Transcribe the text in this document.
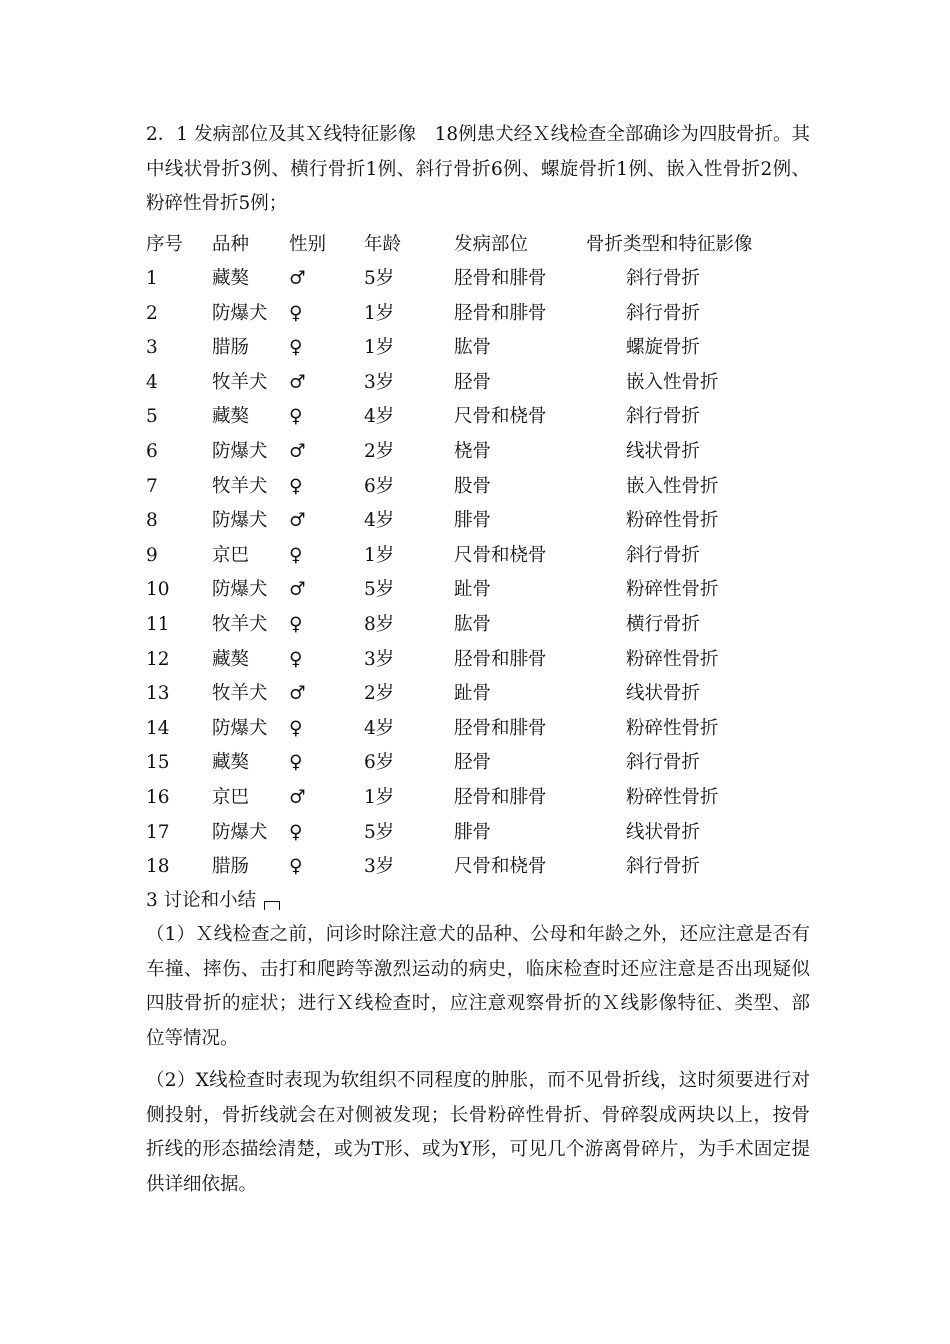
2．1 发病部位及其Ｘ线特征影像　18例患犬经Ｘ线检查全部确诊为四肢骨折。其中线状骨折3例、横行骨折1例、斜行骨折6例、螺旋骨折1例、嵌入性骨折2例、粉碎性骨折5例；

序号 品种 性别 年龄	发病部位	骨折类型和特征影像
1	藏獒 ♂	5岁	胫骨和腓骨	斜行骨折
2	防爆犬 ♀	1岁	胫骨和腓骨	斜行骨折
3	腊肠 ♀	1岁	肱骨	螺旋骨折
4	牧羊犬 ♂	3岁	胫骨	嵌入性骨折
5	藏獒 ♀	4岁	尺骨和桡骨	斜行骨折
6	防爆犬 ♂	2岁	桡骨	线状骨折
7	牧羊犬 ♀	6岁	股骨	嵌入性骨折
8	防爆犬 ♂	4岁	腓骨	粉碎性骨折
9	京巴 ♀	1岁	尺骨和桡骨	斜行骨折
10 防爆犬 ♂	5岁	趾骨	粉碎性骨折
11 牧羊犬 ♀	8岁	肱骨	横行骨折
12 藏獒 ♀	3岁	胫骨和腓骨	粉碎性骨折
13 牧羊犬 ♂	2岁	趾骨	线状骨折
14 防爆犬 ♀	4岁	胫骨和腓骨	粉碎性骨折
15 藏獒 ♀	6岁	胫骨	斜行骨折
16 京巴 ♂	1岁	胫骨和腓骨	粉碎性骨折
17 防爆犬 ♀	5岁	腓骨	线状骨折
18 腊肠 ♀	3岁	尺骨和桡骨	斜行骨折
3 讨论和小结

（1）Ｘ线检查之前，问诊时除注意犬的品种、公母和年龄之外，还应注意是否有车撞、摔伤、击打和爬跨等激烈运动的病史，临床检查时还应注意是否出现疑似四肢骨折的症状；进行Ｘ线检查时，应注意观察骨折的Ｘ线影像特征、类型、部位等情况。

（2）X线检查时表现为软组织不同程度的肿胀，而不见骨折线，这时须要进行对侧投射，骨折线就会在对侧被发现；长骨粉碎性骨折、骨碎裂成两块以上，按骨折线的形态描绘清楚，或为T形、或为Y形，可见几个游离骨碎片，为手术固定提供详细依据。
